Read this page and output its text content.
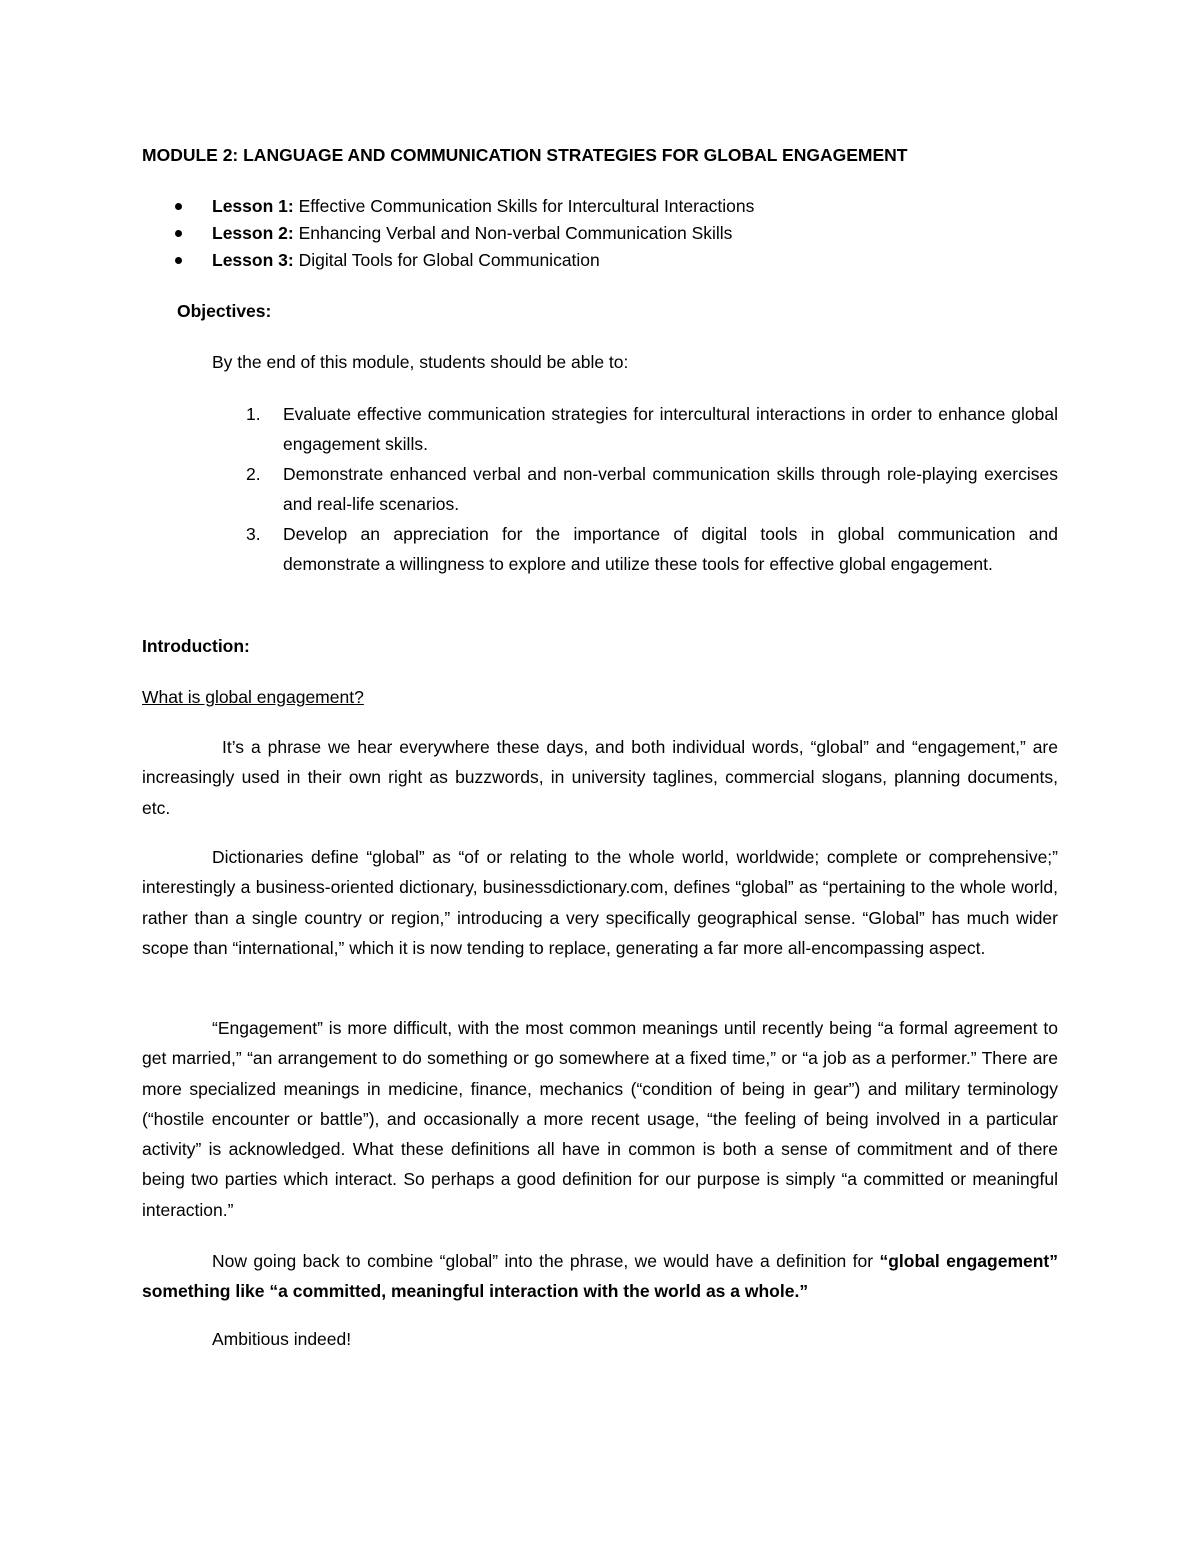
MODULE 2: LANGUAGE AND COMMUNICATION STRATEGIES FOR GLOBAL ENGAGEMENT
Lesson 1: Effective Communication Skills for Intercultural Interactions
Lesson 2: Enhancing Verbal and Non-verbal Communication Skills
Lesson 3: Digital Tools for Global Communication
Objectives:
By the end of this module, students should be able to:
1. Evaluate effective communication strategies for intercultural interactions in order to enhance global engagement skills.
2. Demonstrate enhanced verbal and non-verbal communication skills through role-playing exercises and real-life scenarios.
3. Develop an appreciation for the importance of digital tools in global communication and demonstrate a willingness to explore and utilize these tools for effective global engagement.
Introduction:
What is global engagement?

It’s a phrase we hear everywhere these days, and both individual words, “global” and “engagement,” are increasingly used in their own right as buzzwords, in university taglines, commercial slogans, planning documents, etc.

Dictionaries define “global” as “of or relating to the whole world, worldwide; complete or comprehensive;” interestingly a business-oriented dictionary, businessdictionary.com, defines “global” as “pertaining to the whole world, rather than a single country or region,” introducing a very specifically geographical sense. “Global” has much wider scope than “international,” which it is now tending to replace, generating a far more all-encompassing aspect.

“Engagement” is more difficult, with the most common meanings until recently being “a formal agreement to get married,” “an arrangement to do something or go somewhere at a fixed time,” or “a job as a performer.” There are more specialized meanings in medicine, finance, mechanics (“condition of being in gear”) and military terminology (“hostile encounter or battle”), and occasionally a more recent usage, “the feeling of being involved in a particular activity” is acknowledged. What these definitions all have in common is both a sense of commitment and of there being two parties which interact. So perhaps a good definition for our purpose is simply “a committed or meaningful interaction.”

Now going back to combine “global” into the phrase, we would have a definition for “global engagement” something like “a committed, meaningful interaction with the world as a whole.”

Ambitious indeed!
